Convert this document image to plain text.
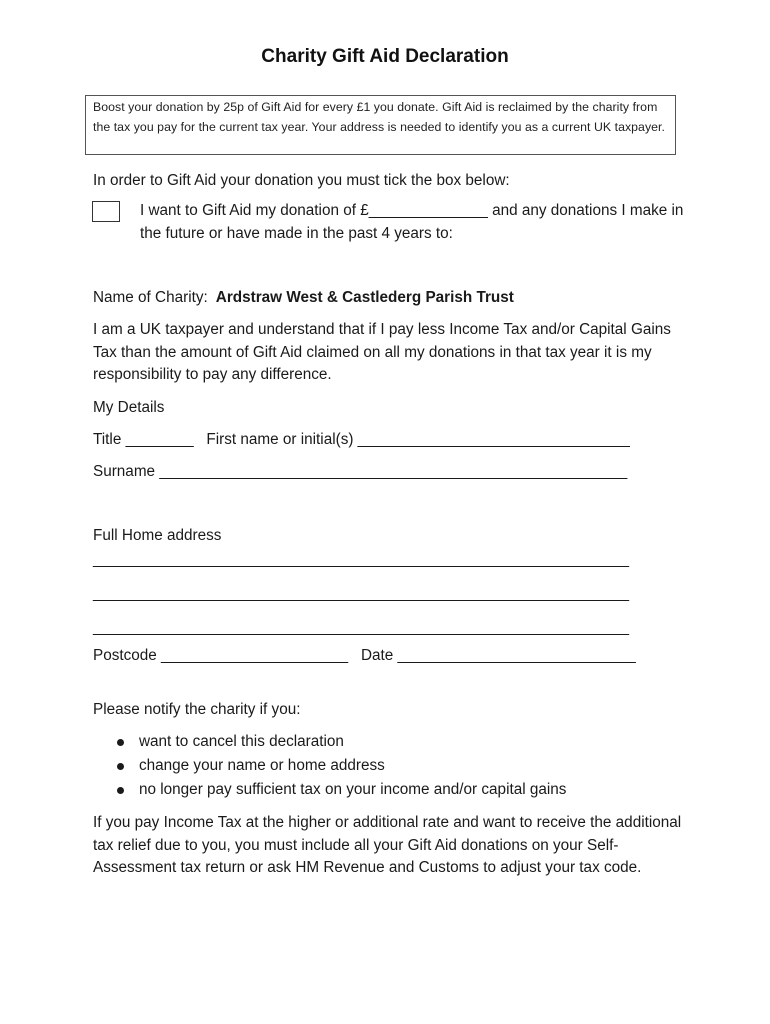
Charity Gift Aid Declaration
Boost your donation by 25p of Gift Aid for every £1 you donate. Gift Aid is reclaimed by the charity from the tax you pay for the current tax year. Your address is needed to identify you as a current UK taxpayer.
In order to Gift Aid your donation you must tick the box below:
I want to Gift Aid my donation of £______________ and any donations I make in the future or have made in the past 4 years to:
Name of Charity: Ardstraw West & Castlederg Parish Trust
I am a UK taxpayer and understand that if I pay less Income Tax and/or Capital Gains Tax than the amount of Gift Aid claimed on all my donations in that tax year it is my responsibility to pay any difference.
My Details
Title ________ First name or initial(s) ________________________________
Surname _______________________________________________________
Full Home address
_______________________________________________________________
_______________________________________________________________
_______________________________________________________________
Postcode ______________________ Date ____________________________
Please notify the charity if you:
want to cancel this declaration
change your name or home address
no longer pay sufficient tax on your income and/or capital gains
If you pay Income Tax at the higher or additional rate and want to receive the additional tax relief due to you, you must include all your Gift Aid donations on your Self-Assessment tax return or ask HM Revenue and Customs to adjust your tax code.
